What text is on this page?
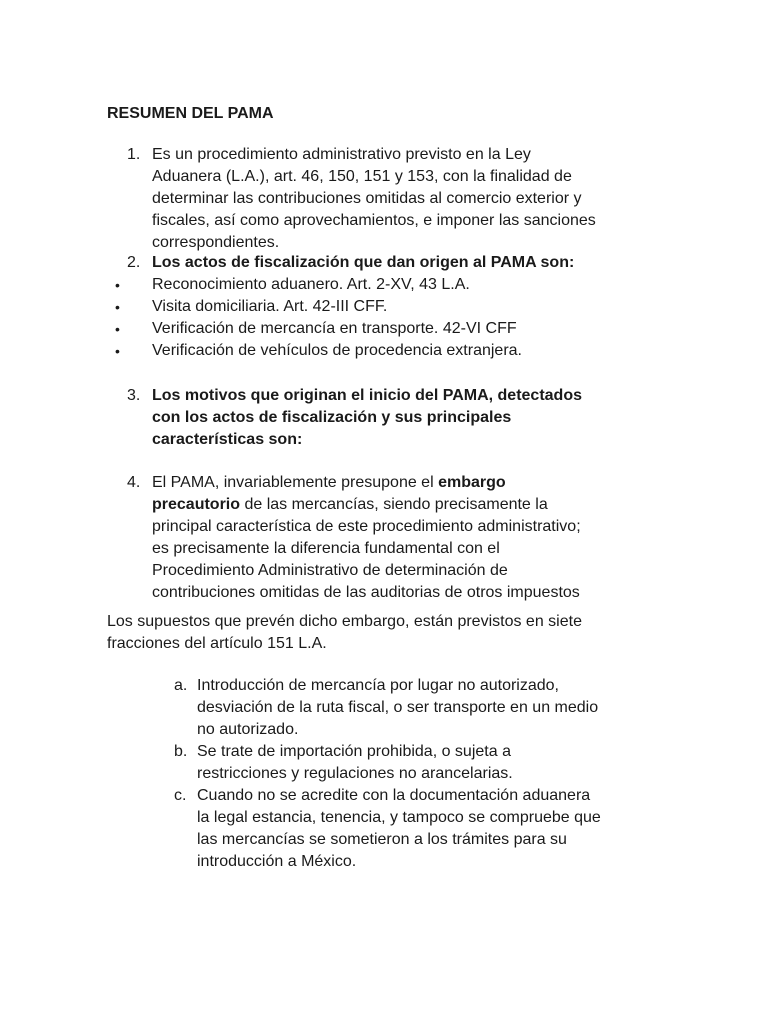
RESUMEN DEL PAMA
1. Es un procedimiento administrativo previsto en la Ley
Aduanera (L.A.), art. 46, 150, 151 y 153, con la finalidad de
determinar las contribuciones omitidas al comercio exterior y
fiscales, así como aprovechamientos, e imponer las sanciones
correspondientes.
2. Los actos de fiscalización que dan origen al PAMA son:
• Reconocimiento aduanero. Art. 2-XV, 43 L.A.
• Visita domiciliaria. Art. 42-III CFF.
• Verificación de mercancía en transporte. 42-VI CFF
• Verificación de vehículos de procedencia extranjera.
3. Los motivos que originan el inicio del PAMA, detectados
con los actos de fiscalización y sus principales
características son:
4. El PAMA, invariablemente presupone el embargo
precautorio de las mercancías, siendo precisamente la
principal característica de este procedimiento administrativo;
es precisamente la diferencia fundamental con el
Procedimiento Administrativo de determinación de
contribuciones omitidas de las auditorias de otros impuestos
Los supuestos que prevén dicho embargo, están previstos en siete
fracciones del artículo 151 L.A.
a. Introducción de mercancía por lugar no autorizado,
desviación de la ruta fiscal, o ser transporte en un medio
no autorizado.
b. Se trate de importación prohibida, o sujeta a
restricciones y regulaciones no arancelarias.
c. Cuando no se acredite con la documentación aduanera
la legal estancia, tenencia, y tampoco se compruebe que
las mercancías se sometieron a los trámites para su
introducción a México.
